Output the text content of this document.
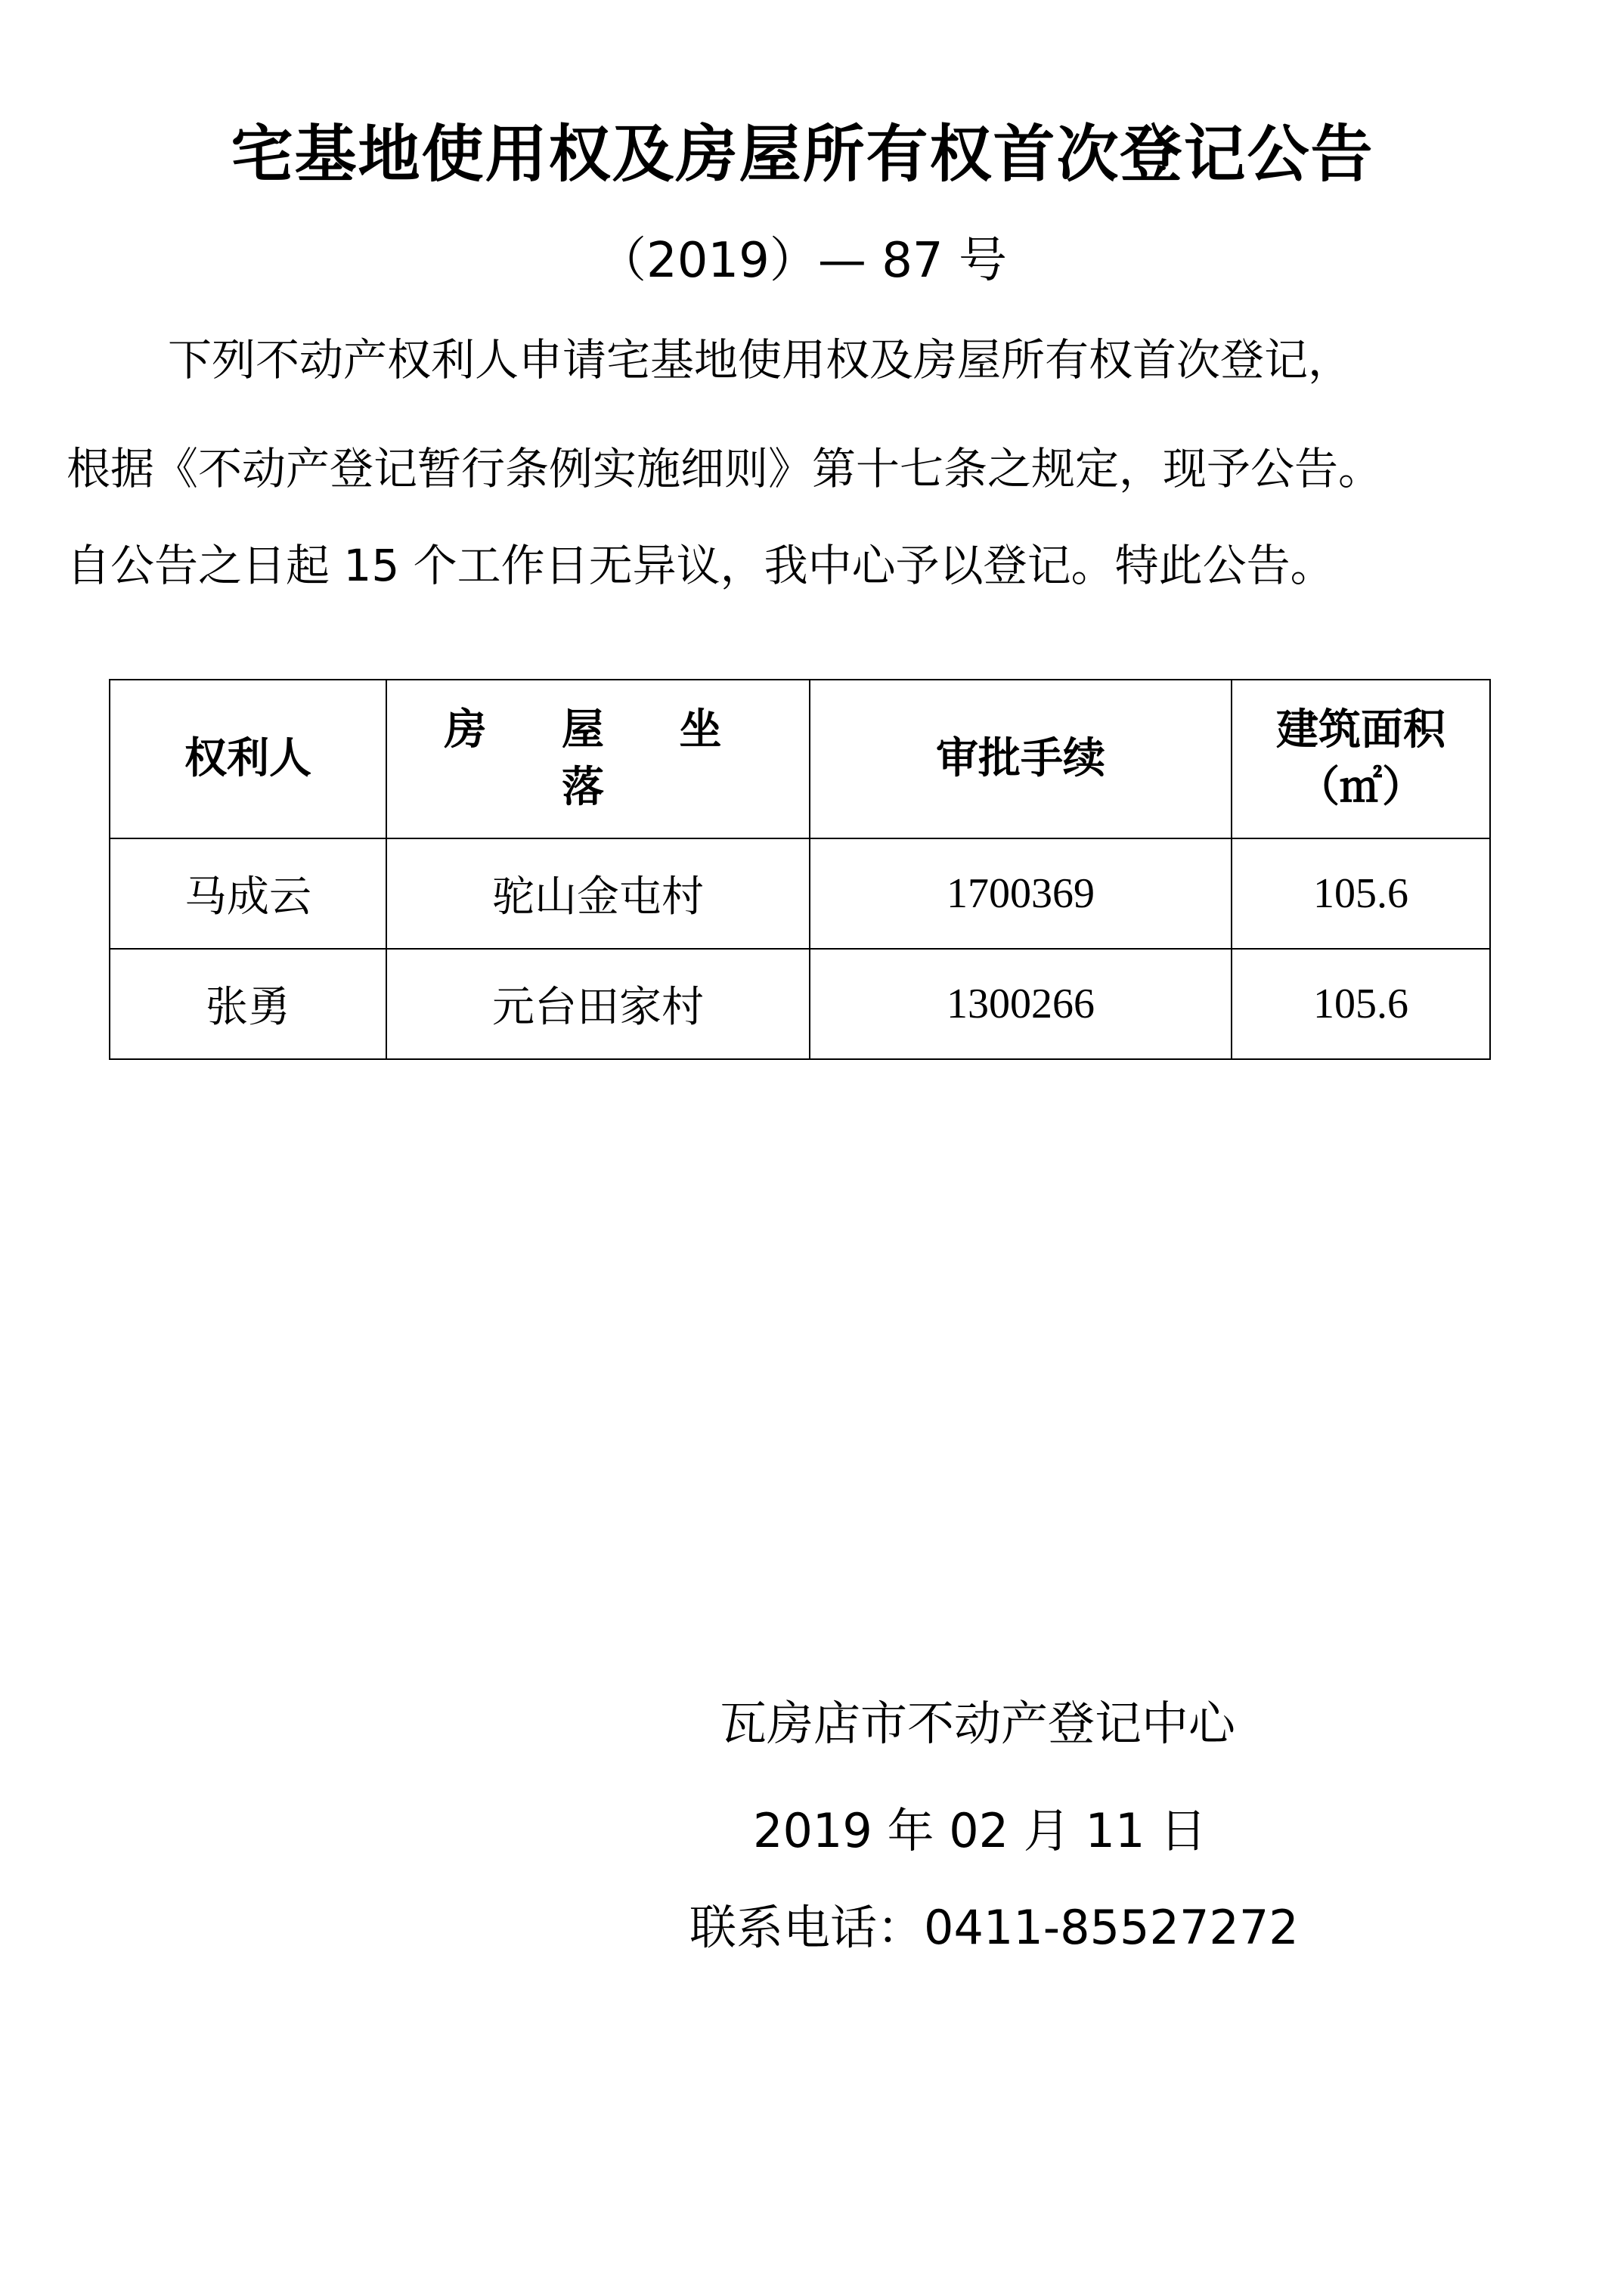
宅基地使用权及房屋所有权首次登记公告
（2019）— 87 号
下列不动产权利人申请宅基地使用权及房屋所有权首次登记，
根据《不动产登记暂行条例实施细则》第十七条之规定，现予公告。
自公告之日起 15 个工作日无异议，我中心予以登记。特此公告。
权利人	房 屋 坐 落	审批手续	建筑面积
（㎡）

马成云	驼山金屯村	1700369	105.6
张勇	元台田家村	1300266	105.6
瓦房店市不动产登记中心
2019 年 02 月 11 日
联系电话：0411-85527272
